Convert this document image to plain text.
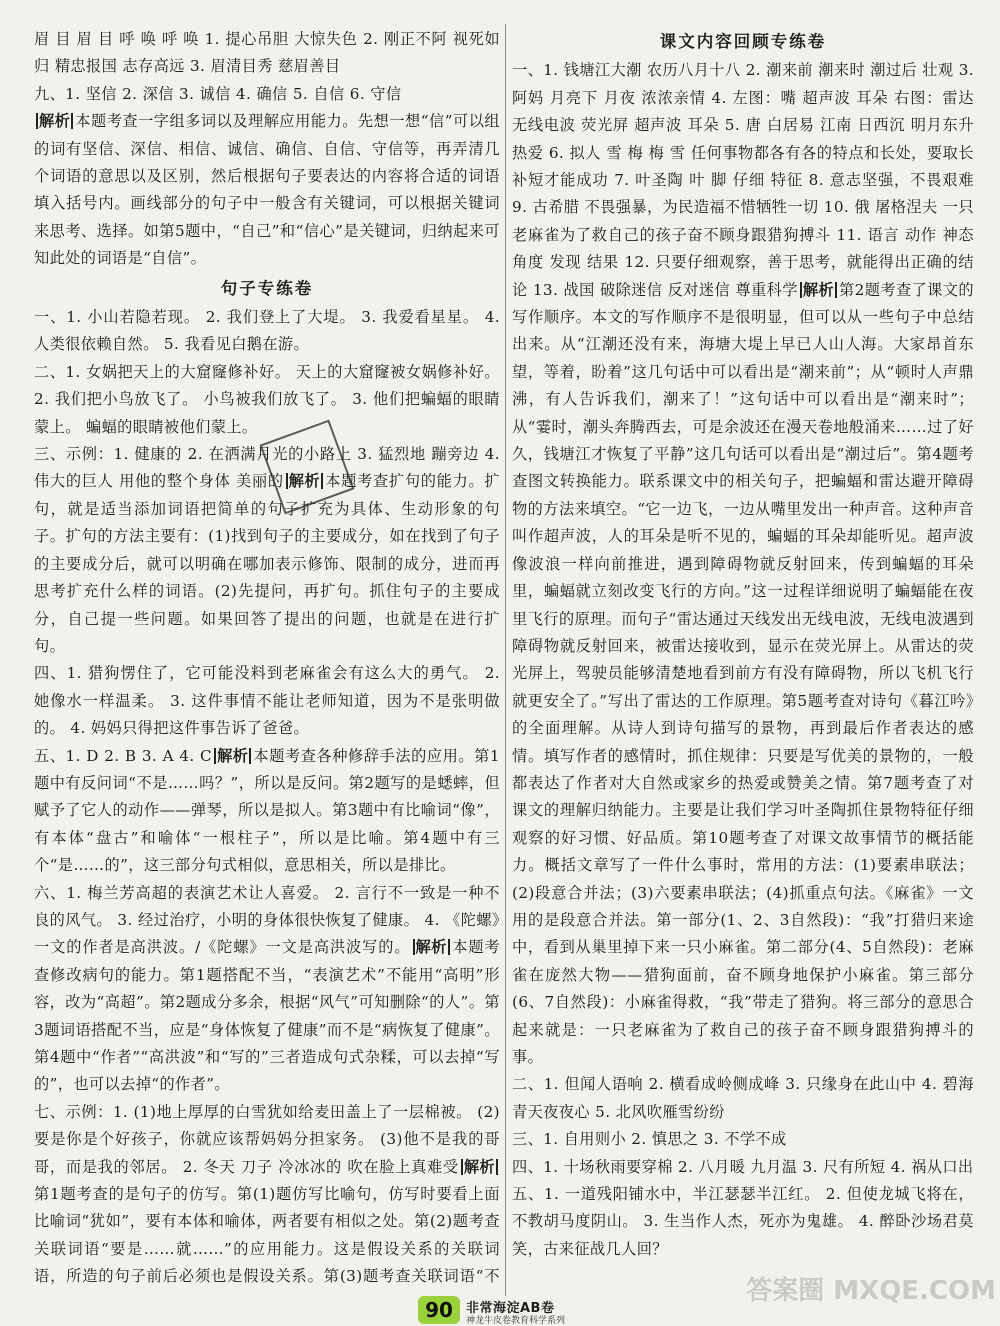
眉 目 眉 目 呼 唤 呼 唤 1. 提心吊胆 大惊失色 2. 刚正不阿 视死如归 精忠报国 志存高远 3. 眉清目秀 慈眉善目

九、1. 坚信 2. 深信 3. 诚信 4. 确信 5. 自信 6. 守信

解析 本题考查一字组多词以及理解应用能力。先想一想“信”可以组的词有坚信、深信、相信、诚信、确信、自信、守信等，再弄清几个词语的意思以及区别，然后根据句子要表达的内容将合适的词语填入括号内。画线部分的句子中一般含有关键词，可以根据关键词来思考、选择。如第5题中，“自己”和“信心”是关键词，归纳起来可知此处的词语是“自信”。

句子专练卷

一、1. 小山若隐若现。 2. 我们登上了大堤。 3. 我爱看星星。 4. 人类很依赖自然。 5. 我看见白鹅在游。

二、1. 女娲把天上的大窟窿修补好。 天上的大窟窿被女娲修补好。 2. 我们把小鸟放飞了。 小鸟被我们放飞了。 3. 他们把蝙蝠的眼睛蒙上。 蝙蝠的眼睛被他们蒙上。

三、示例：1. 健康的 2. 在洒满月光的小路上 3. 猛烈地 蹦旁边 4. 伟大的巨人 用他的整个身体 美丽的 解析 本题考查扩句的能力。扩句，就是适当添加词语把简单的句子扩充为具体、生动形象的句子。扩句的方法主要有：(1)找到句子的主要成分，如在找到了句子的主要成分后，就可以明确在哪加表示修饰、限制的成分，进而再思考扩充什么样的词语。(2)先提问，再扩句。抓住句子的主要成分，自己提一些问题。如果回答了提出的问题，也就是在进行扩句。

四、1. 猎狗愣住了，它可能没料到老麻雀会有这么大的勇气。 2. 她像水一样温柔。 3. 这件事情不能让老师知道，因为不是张明做的。 4. 妈妈只得把这件事告诉了爸爸。

五、1. D 2. B 3. A 4. C 解析 本题考查各种修辞手法的应用。第1题中有反问词“不是……吗？”，所以是反问。第2题写的是蟋蟀，但赋予了它人的动作——弹琴，所以是拟人。第3题中有比喻词“像”，有本体“盘古”和喻体“一根柱子”，所以是比喻。第4题中有三个“是……的”，这三部分句式相似，意思相关，所以是排比。

六、1. 梅兰芳高超的表演艺术让人喜爱。 2. 言行不一致是一种不良的风气。 3. 经过治疗，小明的身体很快恢复了健康。 4. 《陀螺》一文的作者是高洪波。/《陀螺》一文是高洪波写的。 解析 本题考查修改病句的能力。第1题搭配不当，“表演艺术”不能用“高明”形容，改为“高超”。第2题成分多余，根据“风气”可知删除“的人”。第3题词语搭配不当，应是“身体恢复了健康”而不是“病恢复了健康”。第4题中“作者”“高洪波”和“写的”三者造成句式杂糅，可以去掉“写的”，也可以去掉“的作者”。

七、示例：1. (1)地上厚厚的白雪犹如给麦田盖上了一层棉被。 (2)要是你是个好孩子，你就应该帮妈妈分担家务。 (3)他不是我的哥哥，而是我的邻居。 2. 冬天 刀子 冷冰冰的 吹在脸上真难受 解析第1题考查的是句子的仿写。第(1)题仿写比喻句，仿写时要看上面比喻词“犹如”，要有本体和喻体，两者要有相似之处。第(2)题考查关联词语“要是……就……”的应用能力。这是假设关系的关联词语，所造的句子前后必须也是假设关系。第(3)题考查关联词语“不

课文内容回顾专练卷

一、1. 钱塘江大潮 农历八月十八 2. 潮来前 潮来时 潮过后 壮观 3. 阿妈 月亮下 月夜 浓浓亲情 4. 左图：嘴 超声波 耳朵 右图：雷达 无线电波 荧光屏 超声波 耳朵 5. 唐 白居易 江南 日西沉 明月东升 热爱 6. 拟人 雪 梅 梅 雪 任何事物都各有各的特点和长处，要取长补短才能成功 7. 叶圣陶 叶 脚 仔细 特征 8. 意志坚强，不畏艰难 9. 古希腊 不畏强暴，为民造福不惜牺牲一切 10. 俄 屠格涅夫 一只老麻雀为了救自己的孩子奋不顾身跟猎狗搏斗 11. 语言 动作 神态 角度 发现 结果 12. 只要仔细观察，善于思考，就能得出正确的结论 13. 战国 破除迷信 反对迷信 尊重科学 解析 第2题考查了课文的写作顺序。本文的写作顺序不是很明显，但可以从一些句子中总结出来。从“江潮还没有来，海塘大堤上早已人山人海。大家昂首东望，等着，盼着”这几句话中可以看出是“潮来前”；从“顿时人声鼎沸，有人告诉我们，潮来了！”这句话中可以看出是“潮来时”；从“霎时，潮头奔腾西去，可是余波还在漫天卷地般涌来……过了好久，钱塘江才恢复了平静”这几句话可以看出是“潮过后”。第4题考查图文转换能力。联系课文中的相关句子，把蝙蝠和雷达避开障碍物的方法来填空。“它一边飞，一边从嘴里发出一种声音。这种声音叫作超声波，人的耳朵是听不见的，蝙蝠的耳朵却能听见。超声波像波浪一样向前推进，遇到障碍物就反射回来，传到蝙蝠的耳朵里，蝙蝠就立刻改变飞行的方向。”这一过程详细说明了蝙蝠能在夜里飞行的原理。而句子“雷达通过天线发出无线电波，无线电波遇到障碍物就反射回来，被雷达接收到，显示在荧光屏上。从雷达的荧光屏上，驾驶员能够清楚地看到前方有没有障碍物，所以飞机飞行就更安全了。”写出了雷达的工作原理。第5题考查对诗句《暮江吟》的全面理解。从诗人到诗句描写的景物，再到最后作者表达的感情。填写作者的感情时，抓住规律：只要是写优美的景物的，一般都表达了作者对大自然或家乡的热爱或赞美之情。第7题考查了对课文的理解归纳能力。主要是让我们学习叶圣陶抓住景物特征仔细观察的好习惯、好品质。第10题考查了对课文故事情节的概括能力。概括文章写了一件什么事时，常用的方法：(1)要素串联法；(2)段意合并法；(3)六要素串联法；(4)抓重点句法。《麻雀》一文用的是段意合并法。第一部分(1、2、3自然段)：“我”打猎归来途中，看到从巢里掉下来一只小麻雀。第二部分(4、5自然段)：老麻雀在庞然大物——猎狗面前，奋不顾身地保护小麻雀。第三部分(6、7自然段)：小麻雀得救，“我”带走了猎狗。将三部分的意思合起来就是：一只老麻雀为了救自己的孩子奋不顾身跟猎狗搏斗的事。

二、1. 但闻人语响 2. 横看成岭侧成峰 3. 只缘身在此山中 4. 碧海青天夜夜心 5. 北风吹雁雪纷纷

三、1. 自用则小 2. 慎思之 3. 不学不成

四、1. 十场秋雨要穿棉 2. 八月暖 九月温 3. 尺有所短 4. 祸从口出

五、1. 一道残阳铺水中，半江瑟瑟半江红。 2. 但使龙城飞将在，不教胡马度阴山。 3. 生当作人杰，死亦为鬼雄。 4. 醉卧沙场君莫笑，古来征战几人回？

90	非常海淀AB卷
神龙牛皮卷教育科学系列
答案圈 MXQE.COM
